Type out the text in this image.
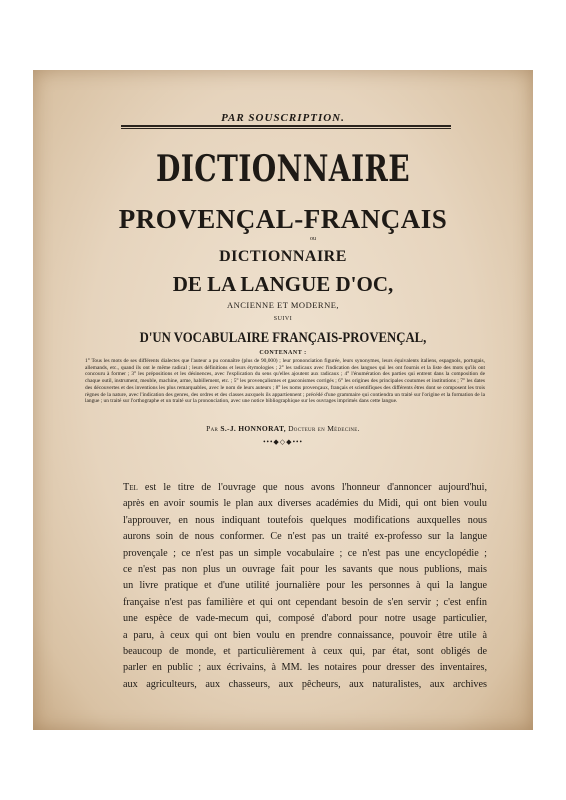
PAR SOUSCRIPTION.
DICTIONNAIRE
PROVENÇAL-FRANÇAIS
ou
DICTIONNAIRE
DE LA LANGUE D'OC,
ANCIENNE ET MODERNE,
SUIVI
D'UN VOCABULAIRE FRANÇAIS-PROVENÇAL,
CONTENANT :
1° Tous les mots de ses différents dialectes que l'auteur a pu connaître (plus de 90,000) ; leur prononciation figurée, leurs synonymes, leurs équivalents italiens, espagnols, portugais, allemands, etc., quand ils ont le même radical ; leurs définitions et leurs étymologies ; 2° les radicaux avec l'indication des langues qui les ont fournis et la liste des mots qu'ils ont concouru à former ; 3° les prépositions et les désinences, avec l'explication du sens qu'elles ajoutent aux radicaux ; 4° l'énumération des parties qui entrent dans la composition de chaque outil, instrument, meuble, machine, arme, habillement, etc. ; 5° les provençalismes et gasconismes corrigés ; 6° les origines des principales coutumes et institutions ; 7° les dates des découvertes et des inventions les plus remarquables, avec le nom de leurs auteurs ; 8° les noms provençaux, français et scientifiques des différents êtres dont se composent les trois règnes de la nature, avec l'indication des genres, des ordres et des classes auxquels ils appartiennent ; précédé d'une grammaire qui contiendra un traité sur l'origine et la formation de la langue ; un traité sur l'orthographe et un traité sur la prononciation, avec une notice bibliographique sur les ouvrages imprimés dans cette langue.
Par S.-J. HONNORAT, Docteur en Médecine.
•••◆◇◆•••
Tel est le titre de l'ouvrage que nous avons l'honneur d'annoncer aujourd'hui,
après en avoir soumis le plan aux diverses académies du Midi, qui ont bien voulu
l'approuver, en nous indiquant toutefois quelques modifications auxquelles nous
aurons soin de nous conformer. Ce n'est pas un traité ex-professo sur la langue
provençale ; ce n'est pas un simple vocabulaire ; ce n'est pas une encyclopédie ;
ce n'est pas non plus un ouvrage fait pour les savants que nous publions, mais
un livre pratique et d'une utilité journalière pour les personnes à qui la langue
française n'est pas familière et qui ont cependant besoin de s'en servir ; c'est enfin
une espèce de vade-mecum qui, composé d'abord pour notre usage particulier,
a paru, à ceux qui ont bien voulu en prendre connaissance, pouvoir être utile à
beaucoup de monde, et particulièrement à ceux qui, par état, sont obligés de
parler en public ; aux écrivains, à MM. les notaires pour dresser des inventaires,
aux agriculteurs, aux chasseurs, aux pêcheurs, aux naturalistes, aux archives
